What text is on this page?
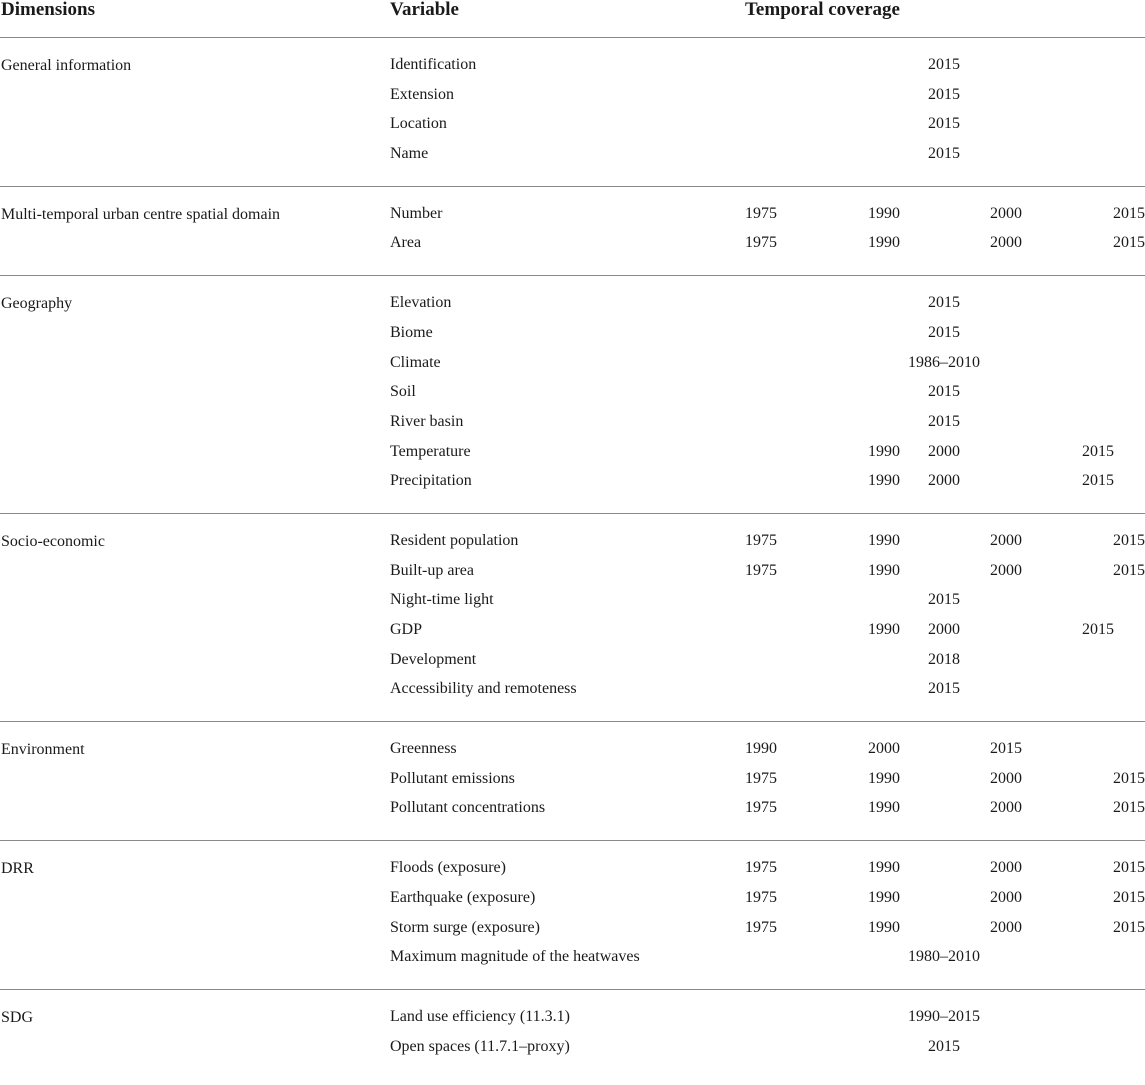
Dimensions	Variable	Temporal coverage
General information	Identification	2015
Extension	2015
Location	2015
Name	2015
Multi-temporal urban centre spatial domain	Number	1975	1990	2000	2015
Area	1975	1990	2000	2015
Geography	Elevation	2015
Biome	2015
Climate	1986–2010
Soil	2015
River basin	2015
Temperature	1990 2000	2015
Precipitation	1990 2000	2015
Socio-economic	Resident population	1975	1990	2000	2015
Built-up area	1975	1990	2000	2015
Night-time light	2015
GDP	1990 2000	2015
Development	2018
Accessibility and remoteness	2015
Environment	Greenness	1990	2000	2015
Pollutant emissions	1975	1990	2000	2015
Pollutant concentrations	1975	1990	2000	2015
DRR	Floods (exposure)	1975	1990	2000	2015
Earthquake (exposure)	1975	1990	2000	2015
Storm surge (exposure)	1975	1990	2000	2015
Maximum magnitude of the heatwaves	1980–2010
SDG	Land use efficiency (11.3.1)	1990–2015
Open spaces (11.7.1–proxy)	2015
